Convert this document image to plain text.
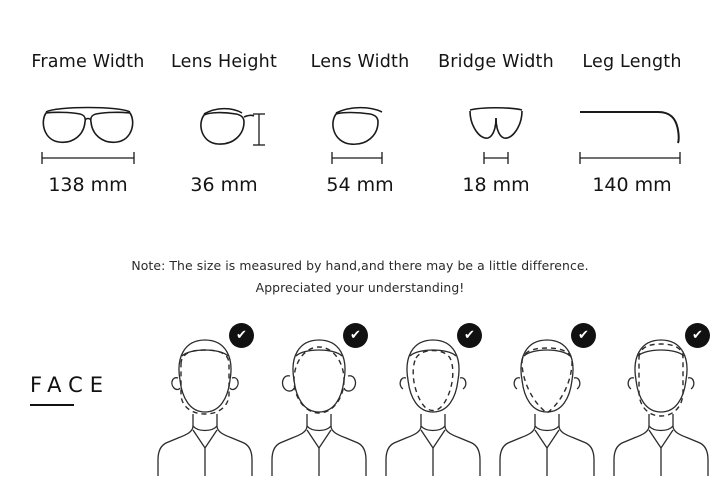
Frame Width
138 mm
Lens Height
36 mm
Lens Width
54 mm
Bridge Width
18 mm
Leg Length
140 mm
Note: The size is measured by hand,and there may be a little difference.
Appreciated your understanding!
FACE
✔	✔	✔	✔	✔
